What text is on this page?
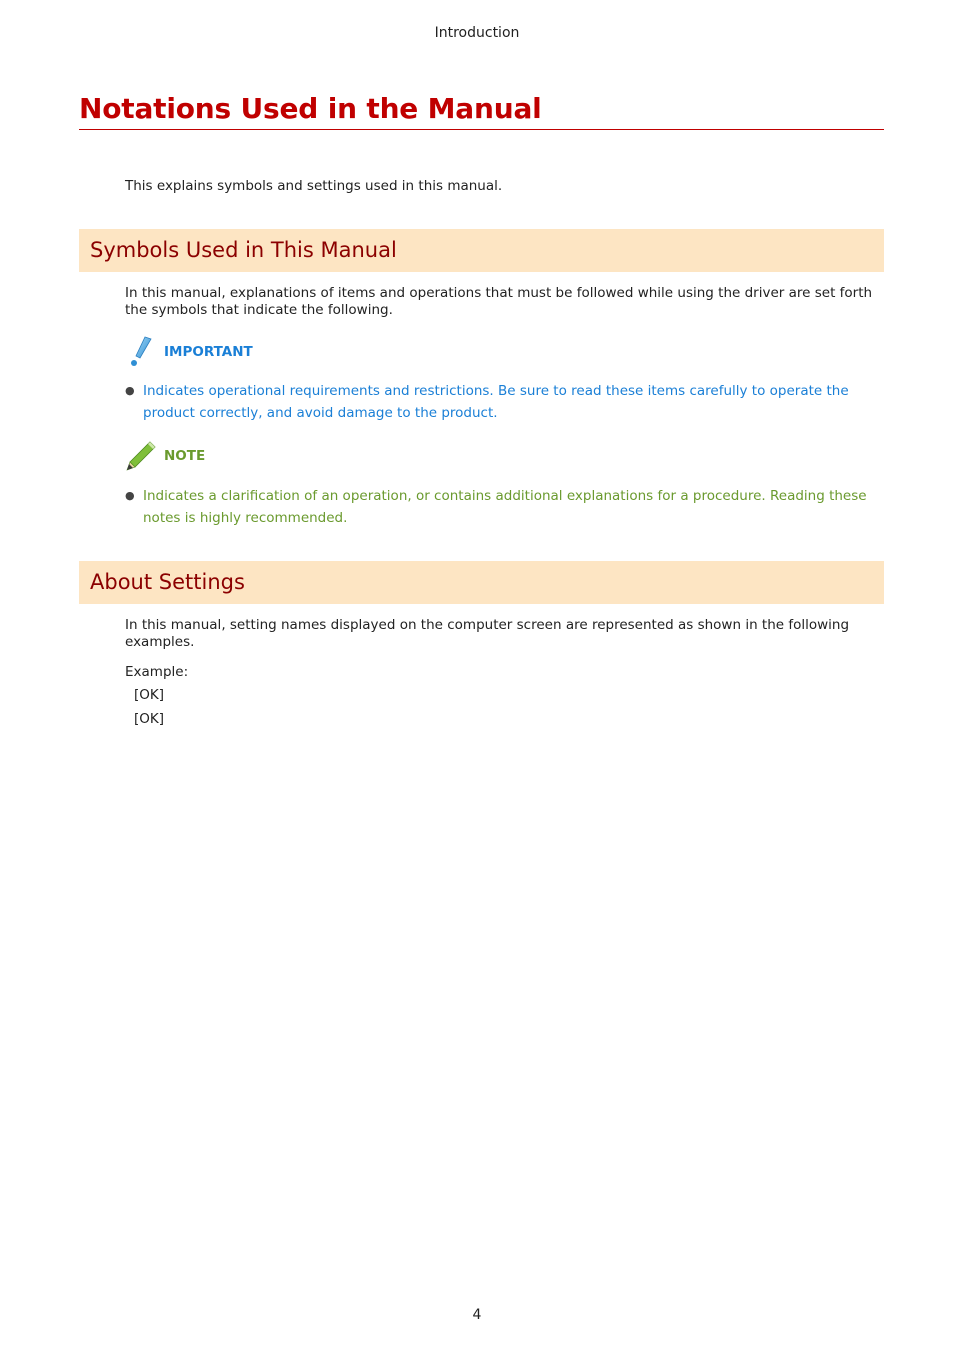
Introduction
Notations Used in the Manual
This explains symbols and settings used in this manual.
Symbols Used in This Manual
In this manual, explanations of items and operations that must be followed while using the driver are set forth the symbols that indicate the following.
IMPORTANT
● Indicates operational requirements and restrictions. Be sure to read these items carefully to operate the product correctly, and avoid damage to the product.
NOTE
● Indicates a clarification of an operation, or contains additional explanations for a procedure. Reading these notes is highly recommended.
About Settings
In this manual, setting names displayed on the computer screen are represented as shown in the following examples.
Example:
[OK]
[OK]
4
